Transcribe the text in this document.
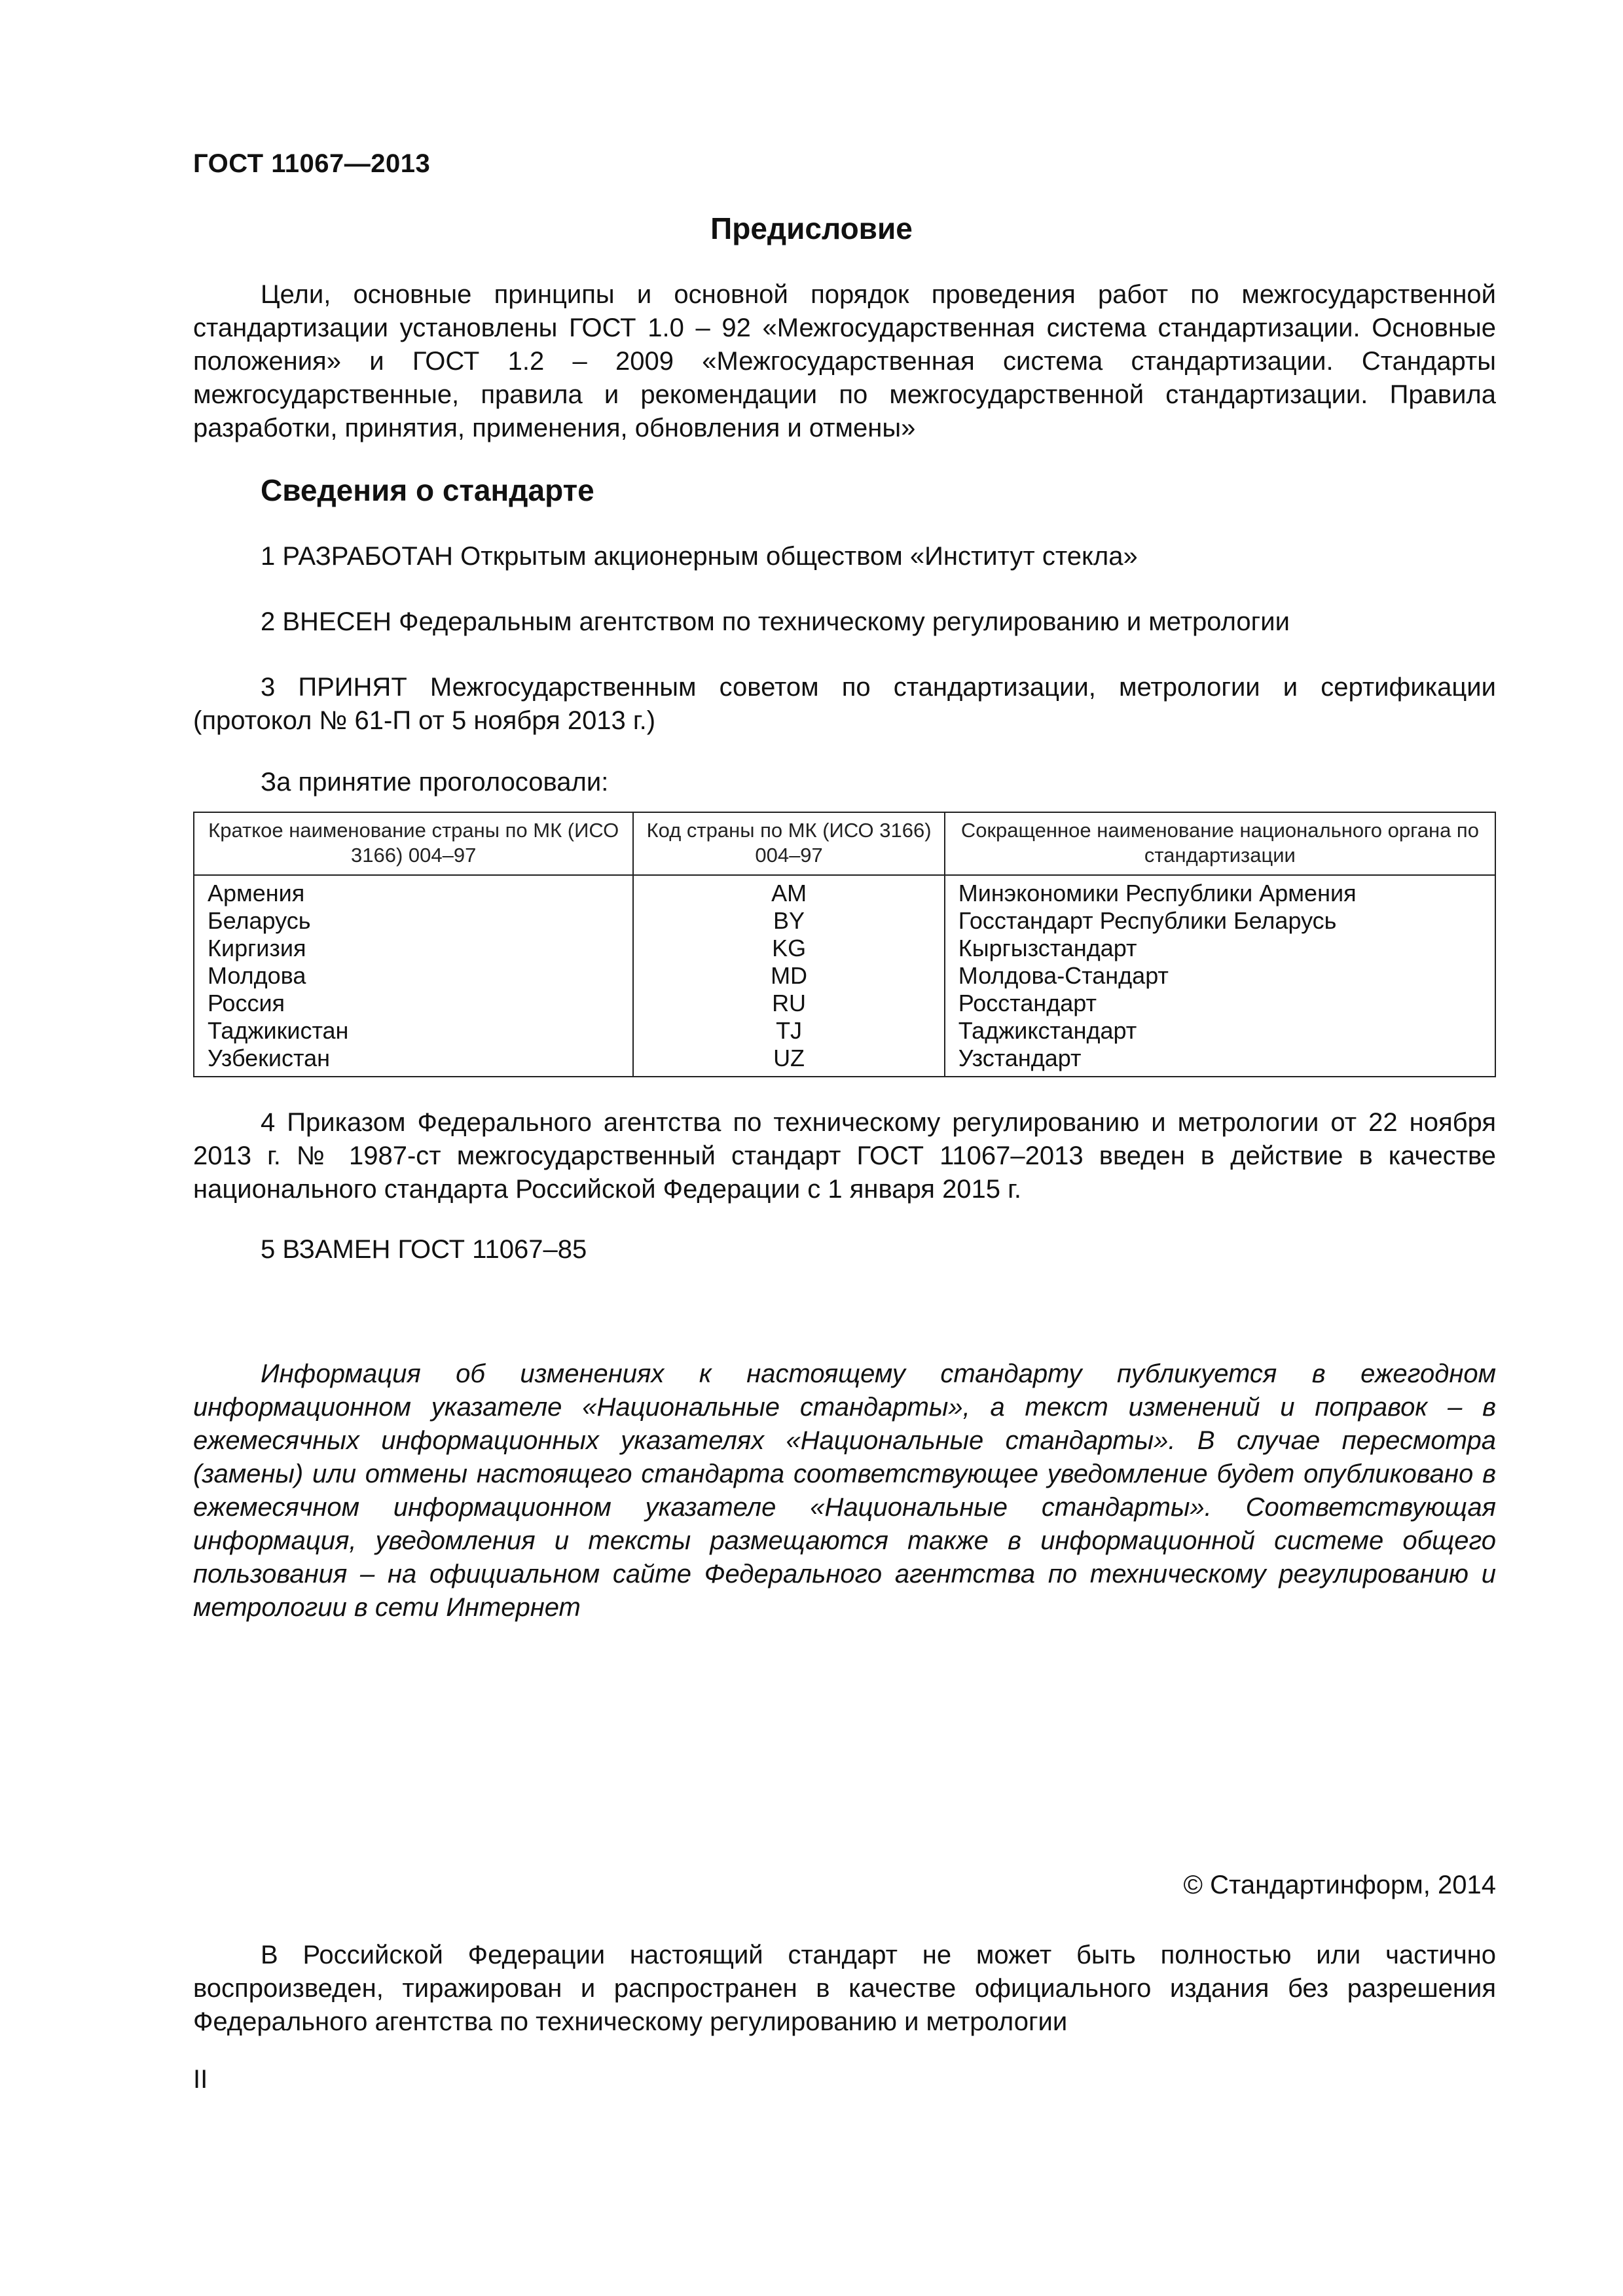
ГОСТ 11067—2013
Предисловие
Цели, основные принципы и основной порядок проведения работ по межгосударственной стандартизации установлены ГОСТ 1.0 – 92 «Межгосударственная система стандартизации. Основные положения» и ГОСТ 1.2 – 2009 «Межгосударственная система стандартизации. Стандарты межгосударственные, правила и рекомендации по межгосударственной стандартизации. Правила разработки, принятия, применения, обновления и отмены»
Сведения о стандарте
1 РАЗРАБОТАН Открытым акционерным обществом «Институт стекла»
2 ВНЕСЕН Федеральным агентством по техническому регулированию и метрологии
3 ПРИНЯТ Межгосударственным советом по стандартизации, метрологии и сертификации (протокол № 61-П от 5 ноября 2013 г.)
За принятие проголосовали:
Краткое наименование страны по МК (ИСО 3166) 004–97	Код страны по МК (ИСО 3166) 004–97	Сокращенное наименование национального органа по стандартизации
Армения	AM	Минэкономики Республики Армения
Беларусь	BY	Госстандарт Республики Беларусь
Киргизия	KG	Кыргызстандарт
Молдова	MD	Молдова-Стандарт
Россия	RU	Росстандарт
Таджикистан	TJ	Таджикстандарт
Узбекистан	UZ	Узстандарт
4 Приказом Федерального агентства по техническому регулированию и метрологии от 22 ноября 2013 г. № 1987-ст межгосударственный стандарт ГОСТ 11067–2013 введен в действие в качестве национального стандарта Российской Федерации с 1 января 2015 г.
5 ВЗАМЕН ГОСТ 11067–85
Информация об изменениях к настоящему стандарту публикуется в ежегодном информационном указателе «Национальные стандарты», а текст изменений и поправок – в ежемесячных информационных указателях «Национальные стандарты». В случае пересмотра (замены) или отмены настоящего стандарта соответствующее уведомление будет опубликовано в ежемесячном информационном указателе «Национальные стандарты». Соответствующая информация, уведомления и тексты размещаются также в информационной системе общего пользования – на официальном сайте Федерального агентства по техническому регулированию и метрологии в сети Интернет
© Стандартинформ, 2014
В Российской Федерации настоящий стандарт не может быть полностью или частично воспроизведен, тиражирован и распространен в качестве официального издания без разрешения Федерального агентства по техническому регулированию и метрологии
II
